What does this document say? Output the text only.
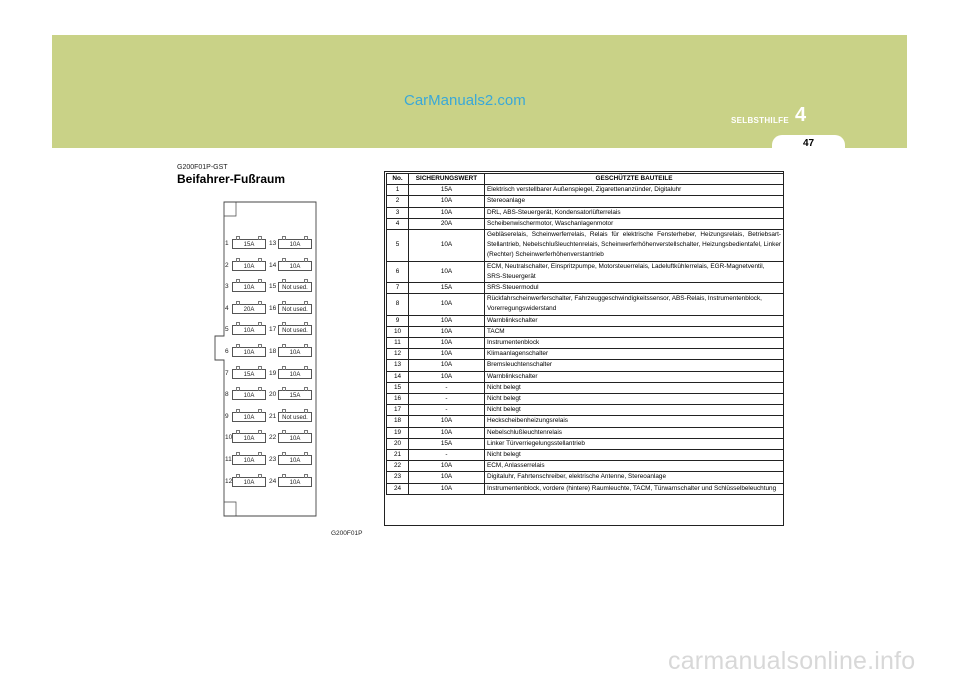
CarManuals2.com
SELBSTHILFE 4
47
G200F01P-GST
Beifahrer-Fußraum
1	15A
2	10A
3	10A
4	20A
5	10A
6	10A
7	15A
8	10A
9	10A
10	10A
11	10A
12	10A
13	10A
14	10A
15 Not used.
16 Not used.
17 Not used.
18	10A
19	10A
20	15A
21 Not used.
22	10A
23	10A
24	10A
G200F01P
No.	SICHERUNGSWERT	GESCHÜTZTE BAUTEILE
1	15A	Elektrisch verstellbarer Außenspiegel, Zigarettenanzünder, Digitaluhr
2	10A	Stereoanlage
3	10A	DRL, ABS-Steuergerät, Kondensatorlüfterrelais
4	20A	Scheibenwischermotor, Waschanlagenmotor
5	10A	Gebläserelais, Scheinwerferrelais, Relais für elektrische Fensterheber, Heizungsrelais, Betriebsart-Stellantrieb, Nebelschlußleuchtenrelais, Scheinwerferhöhenverstellschalter, Heizungsbedientafel, Linker (Rechter) Scheinwerferhöhenverstantrieb
6	10A	ECM, Neutralschalter, Einspritzpumpe, Motorsteuerrelais, Ladeluftkühlerrelais, EGR-Magnetventil, SRS-Steuergerät
7	15A	SRS-Steuermodul
8	10A	Rückfahrscheinwerferschalter, Fahrzeuggeschwindigkeitssensor, ABS-Relais, Instrumentenblock, Vorerregungswiderstand
9	10A	Warnblinkschalter
10	10A	TACM
11	10A	Instrumentenblock
12	10A	Klimaanlagenschalter
13	10A	Bremsleuchtenschalter
14	10A	Warnblinkschalter
15	-	Nicht belegt
16	-	Nicht belegt
17	-	Nicht belegt
18	10A	Heckscheibenheizungsrelais
19	10A	Nebelschlußleuchtenrelais
20	15A	Linker Türverriegelungsstellantrieb
21	-	Nicht belegt
22	10A	ECM, Anlasserrelais
23	10A	Digitaluhr, Fahrtenschreiber, elektrische Antenne, Stereoanlage
24	10A	Instrumentenblock, vordere (hintere) Raumleuchte, TACM, Türwarnschalter und Schlüsselbeleuchtung
carmanualsonline.info
